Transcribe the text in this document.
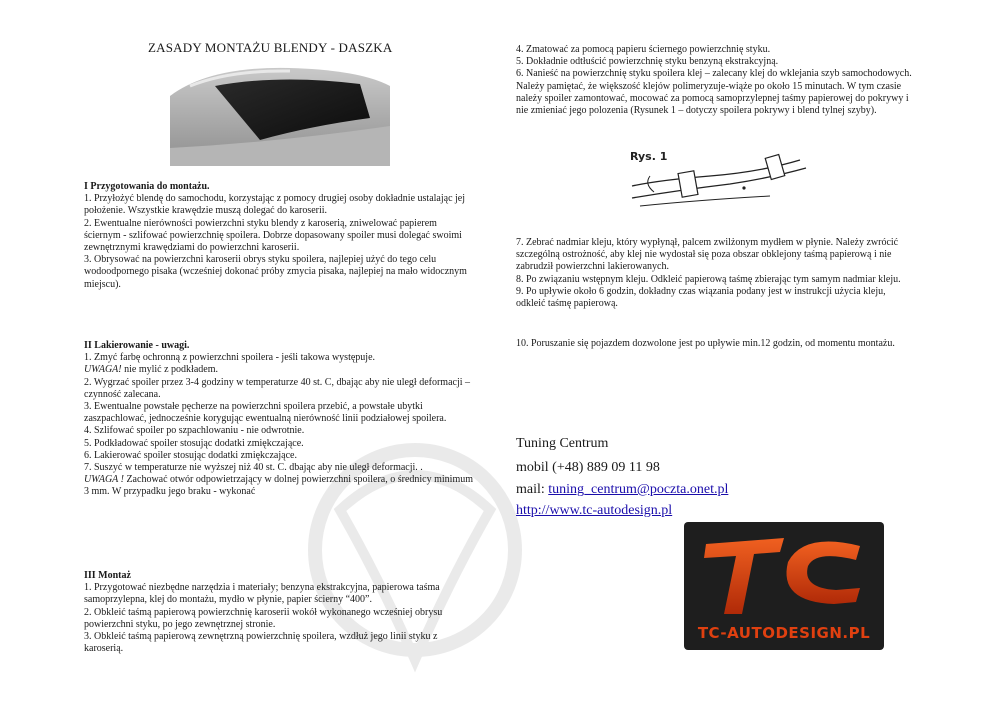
ZASADY MONTAŻU BLENDY - DASZKA
I Przygotowania do montażu.

1. Przyłożyć blendę do samochodu, korzystając z pomocy drugiej osoby dokładnie ustalając jej położenie. Wszystkie krawędzie muszą dolegać do karoserii.

2. Ewentualne nierówności powierzchni styku blendy z karoserią, zniwelować papierem ściernym - szlifować powierzchnię spoilera. Dobrze dopasowany spoiler musi dolegać swoimi zewnętrznymi krawędziami do powierzchni karoserii.

3. Obrysować na powierzchni karoserii obrys styku spoilera, najlepiej użyć do tego celu wodoodpornego pisaka (wcześniej dokonać próby zmycia pisaka, najlepiej na mało widocznym miejscu).

II Lakierowanie - uwagi.

1. Zmyć farbę ochronną z powierzchni spoilera - jeśli takowa występuje.

UWAGA! nie mylić z podkładem.

2. Wygrzać spoiler przez 3-4 godziny w temperaturze 40 st. C, dbając aby nie uległ deformacji – czynność zalecana.

3. Ewentualne powstałe pęcherze na powierzchni spoilera przebić, a powstałe ubytki zaszpachlować, jednocześnie korygując ewentualną nierówność linii podziałowej spoilera.

4. Szlifować spoiler po szpachlowaniu - nie odwrotnie.

5. Podkładować spoiler stosując dodatki zmiękczające.

6. Lakierować spoiler stosując dodatki zmiękczające.

7. Suszyć w temperaturze nie wyższej niż 40 st. C. dbając aby nie uległ deformacji. .

UWAGA ! Zachować otwór odpowietrzający w dolnej powierzchni spoilera, o średnicy minimum 3 mm. W przypadku jego braku - wykonać

III Montaż

1. Przygotować niezbędne narzędzia i materiały; benzyna ekstrakcyjna, papierowa taśma samoprzylepna, klej do montażu, mydło w płynie, papier ścierny “400”.

2. Obkleić taśmą papierową powierzchnię karoserii wokół wykonanego wcześniej obrysu powierzchni styku, po jego zewnętrznej stronie.

3. Obkleić taśmą papierową zewnętrzną powierzchnię spoilera, wzdłuż jego linii styku z karoserią.

4. Zmatować za pomocą papieru ściernego powierzchnię styku.

5. Dokładnie odtłuścić powierzchnię styku benzyną ekstrakcyjną.

6. Nanieść na powierzchnię styku spoilera klej – zalecany klej do wklejania szyb samochodowych. Należy pamiętać, że większość klejów polimeryzuje-wiąże po około 15 minutach. W tym czasie należy spoiler zamontować, mocować za pomocą samoprzylepnej taśmy papierowej do pokrywy i nie zmieniać jego polozenia (Rysunek 1 – dotyczy spoilera pokrywy i blend tylnej szyby).

Rys. 1

7. Zebrać nadmiar kleju, który wypłynął, palcem zwilżonym mydłem w płynie. Należy zwrócić szczególną ostrożność, aby klej nie wydostał się poza obszar obklejony taśmą papierową i nie zabrudził powierzchni lakierowanych.

8. Po związaniu wstępnym kleju. Odkleić papierową taśmę zbierając tym samym nadmiar kleju.

9. Po upływie około 6 godzin, dokładny czas wiązania podany jest w instrukcji użycia kleju, odkleić taśmę papierową.

10. Poruszanie się pojazdem dozwolone jest po upływie min.12 godzin, od momentu montażu.

Tuning Centrum
mobil (+48) 889 09 11 98
mail: tuning_centrum@poczta.onet.pl
http://www.tc-autodesign.pl
TC-AUTODESIGN.PL
